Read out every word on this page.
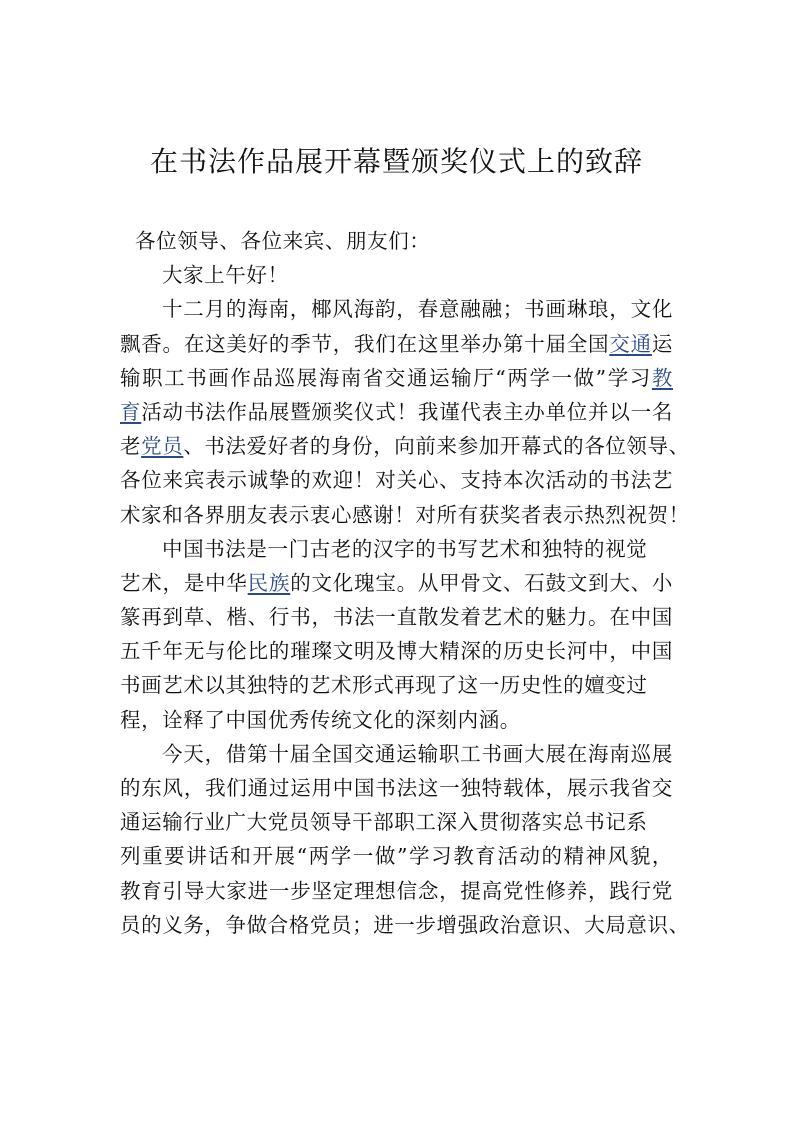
在书法作品展开幕暨颁奖仪式上的致辞
各位领导、各位来宾、朋友们：
大家上午好！
十二月的海南，椰风海韵，春意融融；书画琳琅，文化
飘香。在这美好的季节，我们在这里举办第十届全国交通运
输职工书画作品巡展海南省交通运输厅“两学一做”学习教
育活动书法作品展暨颁奖仪式！我谨代表主办单位并以一名
老党员、书法爱好者的身份，向前来参加开幕式的各位领导、
各位来宾表示诚挚的欢迎！对关心、支持本次活动的书法艺
术家和各界朋友表示衷心感谢！对所有获奖者表示热烈祝贺！
中国书法是一门古老的汉字的书写艺术和独特的视觉
艺术，是中华民族的文化瑰宝。从甲骨文、石鼓文到大、小
篆再到草、楷、行书，书法一直散发着艺术的魅力。在中国
五千年无与伦比的璀璨文明及博大精深的历史长河中，中国
书画艺术以其独特的艺术形式再现了这一历史性的嬗变过
程，诠释了中国优秀传统文化的深刻内涵。
今天，借第十届全国交通运输职工书画大展在海南巡展
的东风，我们通过运用中国书法这一独特载体，展示我省交
通运输行业广大党员领导干部职工深入贯彻落实总书记系
列重要讲话和开展“两学一做”学习教育活动的精神风貌，
教育引导大家进一步坚定理想信念，提高党性修养，践行党
员的义务，争做合格党员；进一步增强政治意识、大局意识、
